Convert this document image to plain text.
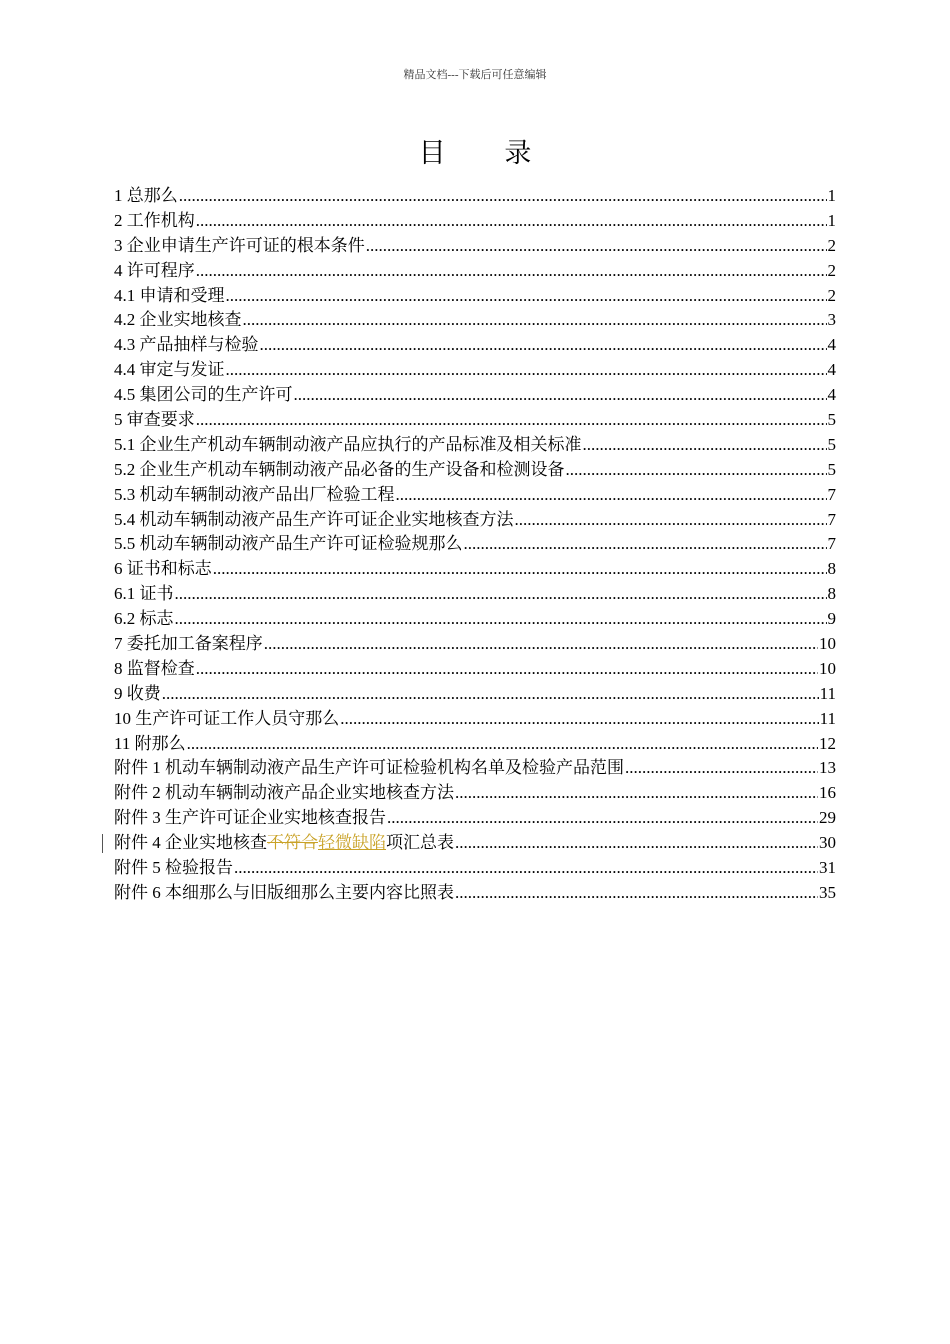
精品文档---下载后可任意编辑
目 录
1 总那么 .....	1
2 工作机构 .....	1
3 企业申请生产许可证的根本条件 .....	2
4 许可程序 .....	2
4.1 申请和受理 .....	2
4.2 企业实地核查 .....	3
4.3 产品抽样与检验 .....	4
4.4 审定与发证 .....	4
4.5 集团公司的生产许可 .....	4
5 审查要求 .....	5
5.1 企业生产机动车辆制动液产品应执行的产品标准及相关标准 .....	5
5.2 企业生产机动车辆制动液产品必备的生产设备和检测设备 .....	5
5.3 机动车辆制动液产品出厂检验工程 .....	7
5.4 机动车辆制动液产品生产许可证企业实地核查方法 .....	7
5.5 机动车辆制动液产品生产许可证检验规那么 .....	7
6 证书和标志 .....	8
6.1 证书 .....	8
6.2 标志 .....	9
7 委托加工备案程序 .....	10
8 监督检查 .....	10
9 收费 .....	11
10 生产许可证工作人员守那么 .....	11
11 附那么 .....	12
附件 1 机动车辆制动液产品生产许可证检验机构名单及检验产品范围 .....	13
附件 2 机动车辆制动液产品企业实地核查方法 .....	16
附件 3 生产许可证企业实地核查报告 .....	29
附件 4 企业实地核查不符合轻微缺陷项汇总表 .....	30
附件 5 检验报告 .....	31
附件 6 本细那么与旧版细那么主要内容比照表 .....	35
